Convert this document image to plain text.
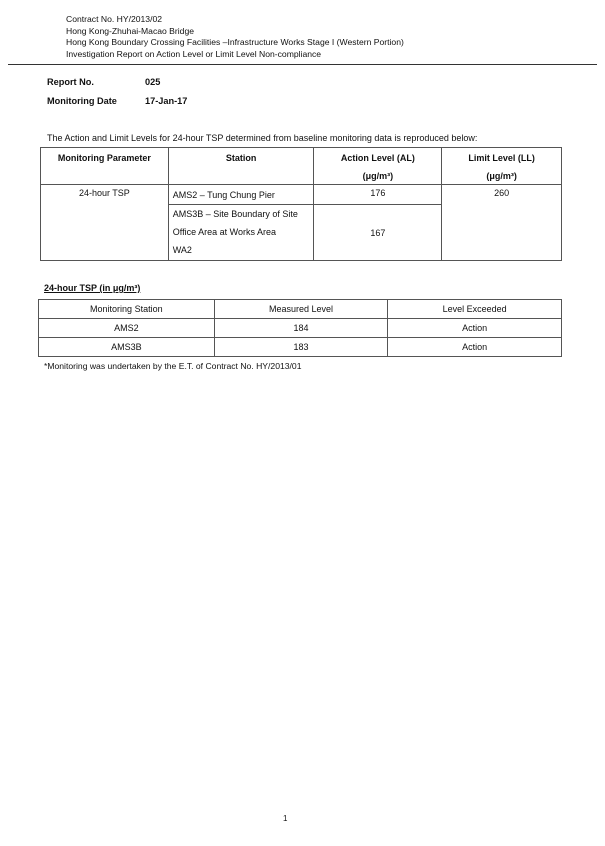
Contract No. HY/2013/02
Hong Kong-Zhuhai-Macao Bridge
Hong Kong Boundary Crossing Facilities –Infrastructure Works Stage I (Western Portion)
Investigation Report on Action Level or Limit Level Non-compliance
Report No.	025
Monitoring Date	17-Jan-17
The Action and Limit Levels for 24-hour TSP determined from baseline monitoring data is reproduced below:
Monitoring Parameter	Station	Action Level (AL)	Limit Level (LL)
		(μg/m³)	(μg/m³)
24-hour TSP	AMS2 – Tung Chung Pier	176	260

	AMS3B – Site Boundary of Site
Office Area at Works Area
WA2	167	
24-hour TSP (in μg/m³)
Monitoring Station	Measured Level	Level Exceeded
AMS2	184	Action
AMS3B	183	Action
*Monitoring was undertaken by the E.T. of Contract No. HY/2013/01
1
